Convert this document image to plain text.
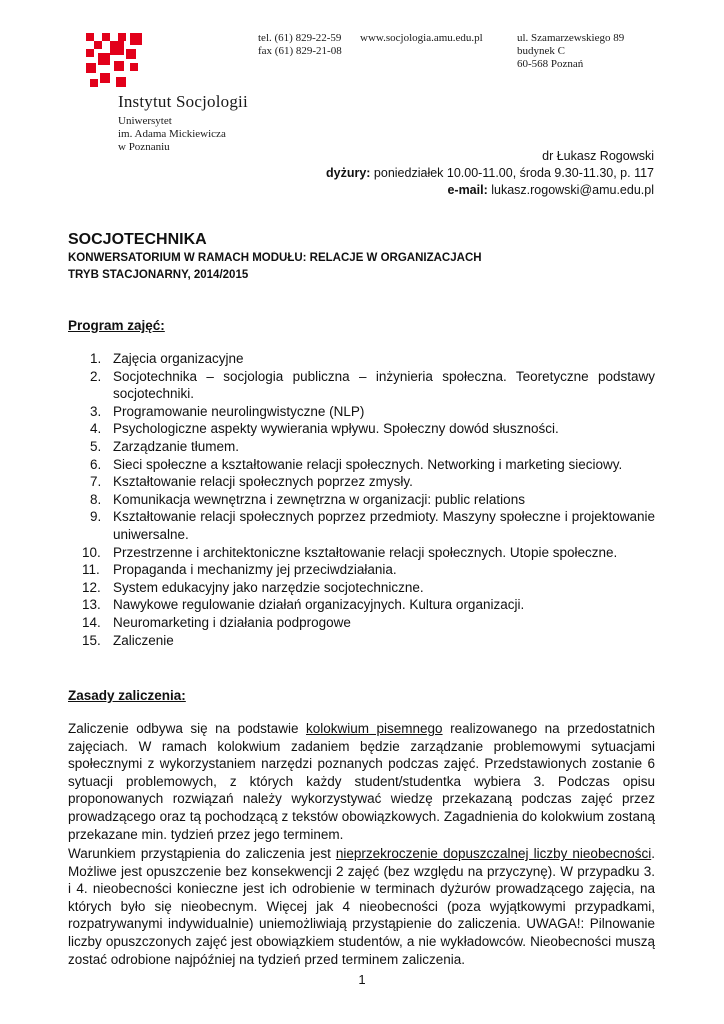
Instytut Socjologii
Uniwersytet
im. Adama Mickiewicza
w Poznaniu
tel. (61) 829-22-59
fax (61) 829-21-08
www.socjologia.amu.edu.pl	ul. Szamarzewskiego 89
budynek C
60-568 Poznań
dr Łukasz Rogowski
dyżury: poniedziałek 10.00-11.00, środa 9.30-11.30, p. 117
e-mail: lukasz.rogowski@amu.edu.pl
SOCJOTECHNIKA
KONWERSATORIUM W RAMACH MODUŁU: RELACJE W ORGANIZACJACH
TRYB STACJONARNY, 2014/2015
Program zajęć:
1. Zajęcia organizacyjne
2. Socjotechnika – socjologia publiczna – inżynieria społeczna. Teoretyczne podstawy socjotechniki.
3. Programowanie neurolingwistyczne (NLP)
4. Psychologiczne aspekty wywierania wpływu. Społeczny dowód słuszności.
5. Zarządzanie tłumem.
6. Sieci społeczne a kształtowanie relacji społecznych. Networking i marketing sieciowy.
7. Kształtowanie relacji społecznych poprzez zmysły.
8. Komunikacja wewnętrzna i zewnętrzna w organizacji: public relations
9. Kształtowanie relacji społecznych poprzez przedmioty. Maszyny społeczne i projektowanie uniwersalne.
10. Przestrzenne i architektoniczne kształtowanie relacji społecznych. Utopie społeczne.
11. Propaganda i mechanizmy jej przeciwdziałania.
12. System edukacyjny jako narzędzie socjotechniczne.
13. Nawykowe regulowanie działań organizacyjnych. Kultura organizacji.
14. Neuromarketing i działania podprogowe
15. Zaliczenie
Zasady zaliczenia:

Zaliczenie odbywa się na podstawie kolokwium pisemnego realizowanego na przedostatnich zajęciach. W ramach kolokwium zadaniem będzie zarządzanie problemowymi sytuacjami społecznymi z wykorzystaniem narzędzi poznanych podczas zajęć. Przedstawionych zostanie 6 sytuacji problemowych, z których każdy student/studentka wybiera 3. Podczas opisu proponowanych rozwiązań należy wykorzystywać wiedzę przekazaną podczas zajęć przez prowadzącego oraz tą pochodzącą z tekstów obowiązkowych. Zagadnienia do kolokwium zostaną przekazane min. tydzień przez jego terminem.

Warunkiem przystąpienia do zaliczenia jest nieprzekroczenie dopuszczalnej liczby nieobecności. Możliwe jest opuszczenie bez konsekwencji 2 zajęć (bez względu na przyczynę). W przypadku 3. i 4. nieobecności konieczne jest ich odrobienie w terminach dyżurów prowadzącego zajęcia, na których było się nieobecnym. Więcej jak 4 nieobecności (poza wyjątkowymi przypadkami, rozpatrywanymi indywidualnie) uniemożliwiają przystąpienie do zaliczenia. UWAGA!: Pilnowanie liczby opuszczonych zajęć jest obowiązkiem studentów, a nie wykładowców. Nieobecności muszą zostać odrobione najpóźniej na tydzień przed terminem zaliczenia.

1
